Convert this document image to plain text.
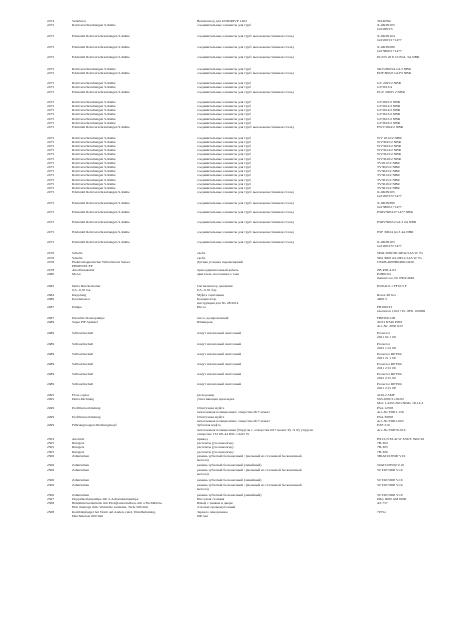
2474	Ventilator	Вентилятор для UNIDRIVE 1462	3014659a
2475	Rohrverschraubungen S-Reihe	соединительные элементы для труб	X-ORIN105
GO'2003/5
2475	Edelstahl Rohrverschraubungen S-Reihe	соединительные элементы для труб/ высококачественная сталь)	X-ORIN104
GO'2003/1+1477
2475	Edelstahl Rohrverschraubungen S-Reihe	соединительные элементы для труб/ высококачественная сталь)	X-ORIN280
GO'3806/1+1477
2475	Edelstahl Rohrverschraubungen S-Reihe	соединительные элементы для труб/ высококачественная сталь)	EGVN 20 P 10 EGL 3A NBR
2475	Rohrverschraubungen S-Reihe	соединительные элементы для труб	SKV20025A GL3 NBR
2475	Edelstahl Rohrverschraubungen S-Reihe	соединительные элементы для труб/ высококачественная сталь)	EDF 80025 GLF3 NBR
2475	Rohrverschraubungen S-Reihe	соединительные элементы для труб	GV 2025/2 NBR
2475	Rohrverschraubungen S-Reihe	соединительные элементы для труб	GV3013/4
2475	Edelstahl Rohrverschraubungen S-Reihe	соединительные элементы для труб/ высококачественная сталь)	EGV 20025 2 NBR
2475	Rohrverschraubungen S-Reihe	соединительные элементы для труб	GV3025/2 NBR
2475	Rohrverschraubungen S-Reihe	соединительные элементы для труб	GV3012/2 NBR
2475	Rohrverschraubungen S-Reihe	соединительные элементы для труб	GV3614/2 NBR
2475	Rohrverschraubungen S-Reihe	соединительные элементы для труб	GV3613/2 NBR
2475	Rohrverschraubungen S-Reihe	соединительные элементы для труб	GV3615/2 NBR
2475	Rohrverschraubungen S-Reihe	соединительные элементы для труб	GV3616/2 NBR
2475	Edelstahl Rohrverschraubungen S-Reihe	соединительные элементы для труб/ высококачественная сталь)	EWV3024/2 NBR
2475	Rohrverschraubungen S-Reihe	соединительные элементы для труб	WV 2012/2 NBR
2475	Rohrverschraubungen S-Reihe	соединительные элементы для труб	WV3025/2 NBR
2475	Rohrverschraubungen S-Reihe	соединительные элементы для труб	WV3023/2 NBR
2475	Rohrverschraubungen S-Reihe	соединительные элементы для труб	WV3614/2 NBR
2475	Rohrverschraubungen S-Reihe	соединительные элементы для труб	WV3615/2 NBR
2475	Rohrverschraubungen S-Reihe	соединительные элементы для труб	WV3616/2 NBR
2475	Rohrverschraubungen S-Reihe	соединительные элементы для труб	TV2012/2 NBR
2475	Rohrverschraubungen S-Reihe	соединительные элементы для труб	TV3025/2 NBR
2475	Rohrverschraubungen S-Reihe	соединительные элементы для труб	TV3023/2 NBR
2475	Rohrverschraubungen S-Reihe	соединительные элементы для труб	TV3614/2 NBR
2475	Rohrverschraubungen S-Reihe	соединительные элементы для труб	TV3615/2 NBR
2475	Rohrverschraubungen S-Reihe	соединительные элементы для труб	TV3616/2 NBR
2475	Rohrverschraubungen S-Reihe	соединительные элементы для труб	TV3613/2 NBR
2475	Edelstahl Rohrverschraubungen S-Reihe	соединительные элементы для труб/ высококачественная сталь)	X-ORIN105
GO'2003/5+1477
2475	Edelstahl Rohrverschraubungen S-Reihe	соединительные элементы для труб/ высококачественная сталь)	X-ORIN280
GO'3806/1+1477
2475	Edelstahl Rohrverschraubungen S-Reihe	соединительные элементы для труб/ высококачественная сталь)	ESRV3604/2+1477 NBR
2475	Edelstahl Rohrverschraubungen S-Reihe	соединительные элементы для труб/ высококачественная сталь)	ESRV3602/2 GL3 2A NBR
2475	Edelstahl Rohrverschraubungen S-Reihe	соединительные элементы для труб/ высококачественная сталь)	ESF 30024 GL3 4A NBR
2475	Edelstahl Rohrverschraubungen S-Reihe	соединительные элементы для труб/ высококачественная сталь)	X-ORIN105
GO'2003/5+1477
2476	Schelle	скоба	SPAL3000 PP-DP42,5AS W 7G
2476	Schelle	скоба	SPA 3000 AS-DP12,5AS W 7G
2478	Elektromagnetischer Wirbelstrom Sensor	Датчик угловых перемещений	CEKB-4000B0406CODU
PHOENIX EP
2478	Anschlusskabel	присоединительный кабель	ZB-PIJL4-03
2480	Motor	двигатель постоянного тока	P2800/04
manual zoo Nr 0304/4649
2482	Delta Druckschalter	Сигнализатор давления	H.0042 0.1 FF10.5 F
0,5...0,35 bar	0,5...0,35 бар
2484	Kupplung	Муфта сцепления	Rotex 48 GG
2486	Kondensator	Конденсатор	4600.3
инструкция для No 28/2014
2487	Pumpe	Насос	FB180133
execution 1104 7 Pr- PH1 100669
2487	Petonille Dosierpumpe	насос-дозировочный	FBP300-108
2489	Super HF-Spindel	Шпиндель	40 03 8/349 P003
Art.-Nr. 20501107
2489	Schlauchschell	хомут шланговый ленточный	Protector
2021 02 1 09
2489	Schlauchschell	хомут шланговый ленточный	Protector
2022 1 01 08
2489	Schlauchschell	хомут шланговый ленточный	Protector RPTSK
2021 21 1 09
2489	Schlauchschell	хомут шланговый ленточный	Protector RPTSK
2021 2 01 09
2489	Schlauchschell	хомут шланговый ленточный	Protector RPTSK
2022 2 01 00
2489	Schlauchschell	хомут шланговый ленточный	Protector RPTSK
2021 2 01 08
2495	Flow-captor	расходомер	4120.2 SMF
2495	Delta-Dichtung	уплотняющая прокладка	S95.2000 5.102/02
Mat: 1.4435 Z0CrNiMo 18-14-3
2499	Profilleuverbindung	Отштучная муфта	PSA 12358
печатающая позиционная: отверстие Ø17 может	Art.-Nr.33001-156
2499	Profilleuverbindung	Отштучная муфта	PSA 30058
печатающая позиционная: отверстие Ø17 может	Art.-Nr.33001-005
2499	Führungswagen Dichtungskopf	Зубчатая муфта	EZE 210
печатающая позиционная (Упругая с. отверстие Ø17 может Ру 11 Ру упругая	Art.-Nr.330076-016
отверстие 132 Ø5-44 Ø5С с4415 W
2503	Anstrich	привод	HT2113 83.42 W 3N6 E 3902 92
2505	Rutsgets	расплаты (уп.скакалгер)	7B-304
2505	Rutsgets	расплаты (уп.скакалгер)	7B-305
2505	Rutsgets	расплаты (уп.скакалгер)	7B-306
2506	Zahnriemen	ремень зубчатый бесконечный / (мельный из сталенной бесконечный	380AT10/8500 V16
металл)
2506	Zahnriemen	ремень зубчатый бесконечный (линейный)	50AT10/8500 V.16
2506	Zahnriemen	ремень зубчатый бесконечный / (мельный из сталенной бесконечный	50 T20/5000 V.16
металл)
2506	Zahnriemen	ремень зубчатый бесконечный (линейный)	50 T20/5000 V.16
2506	Zahnriemen	ремень зубчатый бесконечный / (мельный из сталенной бесконечный	50 T20/5000 V.16
металл)
2506	Zahnriemen	ремень зубчатый бесконечный (линейный)	50 T20/5000 V.16
2507	Doppelkolbenpumpe mit 2-Achsenkennpumpe	Насосная станция	DKy 4000 AM 6000
2508	Beleihmetweiterhebe mit Pirolglanzscheiben, mit a Fuchliblöte,	Шкаф с замком и двери	AS 757
Holt mentage mm, Walrüche zauladen, Tiefe 500 mm	4 полки/ промежуточный
2508	Kombikpfsegel bei Nomt auf Anden, rund, Wandhaltening,	Зеркало панорамное	7975a
Dutchmesser 600 mm	600 мм
